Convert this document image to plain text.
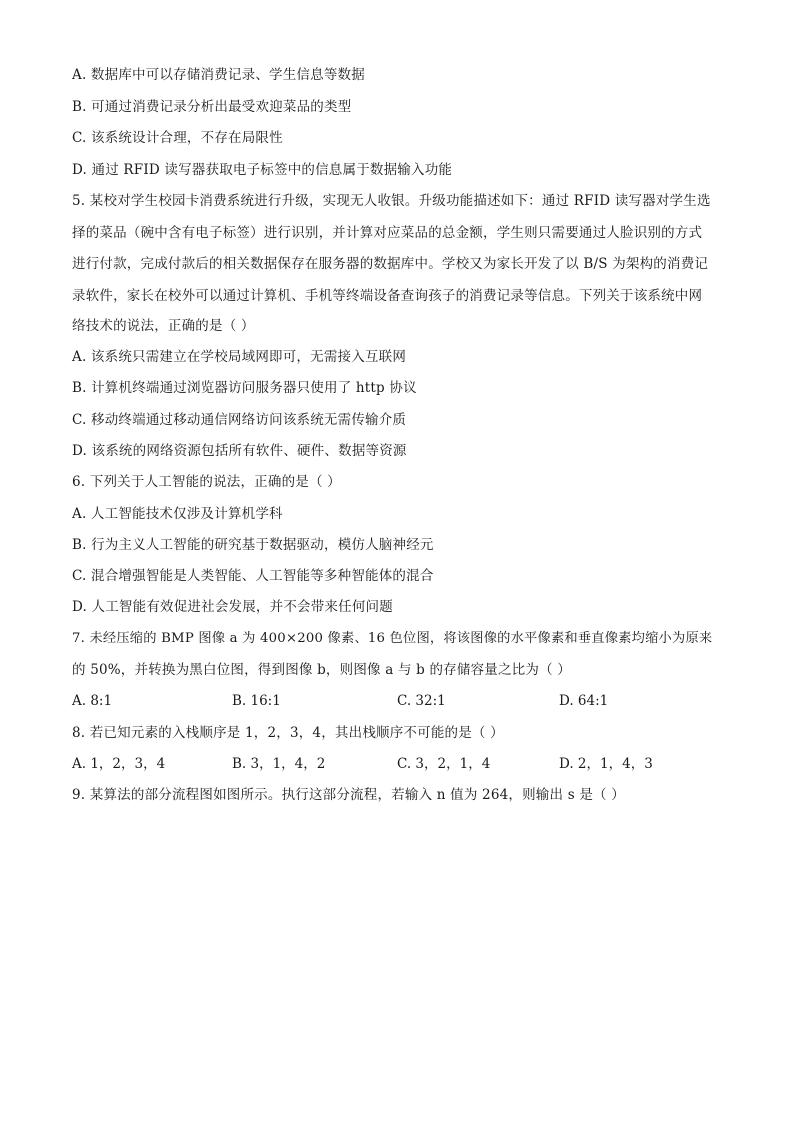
A. 数据库中可以存储消费记录、学生信息等数据
B. 可通过消费记录分析出最受欢迎菜品的类型
C. 该系统设计合理，不存在局限性
D. 通过 RFID 读写器获取电子标签中的信息属于数据输入功能
5. 某校对学生校园卡消费系统进行升级，实现无人收银。升级功能描述如下：通过 RFID 读写器对学生选
择的菜品（碗中含有电子标签）进行识别，并计算对应菜品的总金额，学生则只需要通过人脸识别的方式
进行付款，完成付款后的相关数据保存在服务器的数据库中。学校又为家长开发了以 B/S 为架构的消费记
录软件，家长在校外可以通过计算机、手机等终端设备查询孩子的消费记录等信息。下列关于该系统中网
络技术的说法，正确的是（ ）
A. 该系统只需建立在学校局域网即可，无需接入互联网
B. 计算机终端通过浏览器访问服务器只使用了 http 协议
C. 移动终端通过移动通信网络访问该系统无需传输介质
D. 该系统的网络资源包括所有软件、硬件、数据等资源
6. 下列关于人工智能的说法，正确的是（ ）
A. 人工智能技术仅涉及计算机学科
B. 行为主义人工智能的研究基于数据驱动，模仿人脑神经元
C. 混合增强智能是人类智能、人工智能等多种智能体的混合
D. 人工智能有效促进社会发展，并不会带来任何问题
7. 未经压缩的 BMP 图像 a 为 400×200 像素、16 色位图，将该图像的水平像素和垂直像素均缩小为原来
的 50%，并转换为黑白位图，得到图像 b，则图像 a 与 b 的存储容量之比为（ ）
A. 8:1	B. 16:1	C. 32:1	D. 64:1
8. 若已知元素的入栈顺序是 1，2，3，4，其出栈顺序不可能的是（ ）
A. 1，2，3，4	B. 3，1，4，2	C. 3，2，1，4	D. 2，1，4，3
9. 某算法的部分流程图如图所示。执行这部分流程，若输入 n 值为 264，则输出 s 是（ ）
